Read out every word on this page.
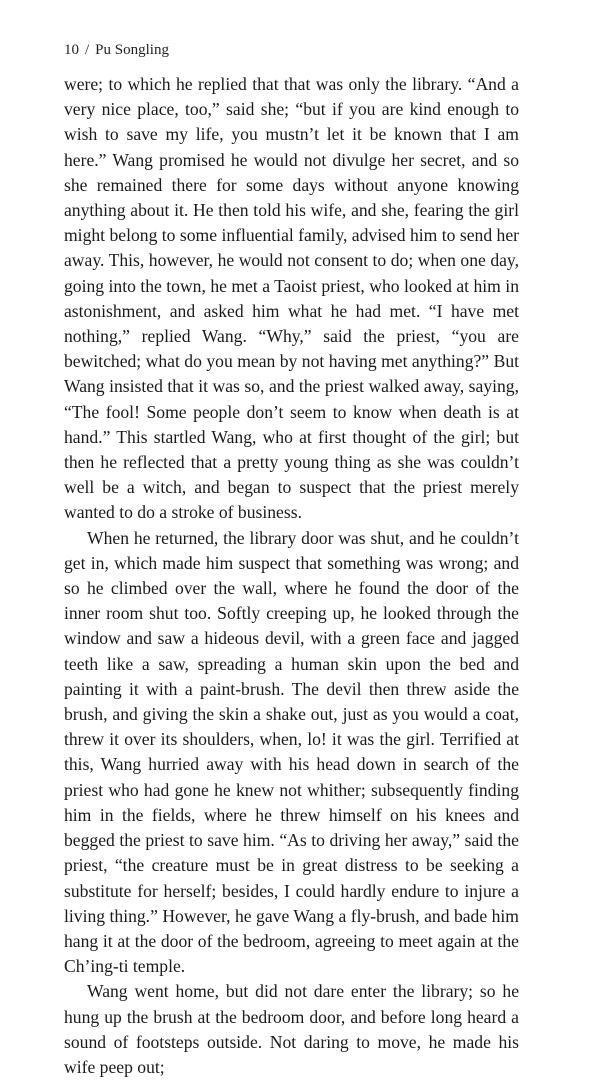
10 / Pu Songling

were; to which he replied that that was only the library. “And a very nice place, too,” said she; “but if you are kind enough to wish to save my life, you mustn’t let it be known that I am here.” Wang promised he would not divulge her secret, and so she remained there for some days without anyone knowing anything about it. He then told his wife, and she, fearing the girl might belong to some influential family, advised him to send her away. This, however, he would not consent to do; when one day, going into the town, he met a Taoist priest, who looked at him in astonishment, and asked him what he had met. “I have met nothing,” replied Wang. “Why,” said the priest, “you are bewitched; what do you mean by not having met anything?” But Wang insisted that it was so, and the priest walked away, saying, “The fool! Some people don’t seem to know when death is at hand.” This startled Wang, who at first thought of the girl; but then he reflected that a pretty young thing as she was couldn’t well be a witch, and began to suspect that the priest merely wanted to do a stroke of business.

When he returned, the library door was shut, and he couldn’t get in, which made him suspect that something was wrong; and so he climbed over the wall, where he found the door of the inner room shut too. Softly creeping up, he looked through the window and saw a hideous devil, with a green face and jagged teeth like a saw, spreading a human skin upon the bed and painting it with a paint-brush. The devil then threw aside the brush, and giving the skin a shake out, just as you would a coat, threw it over its shoulders, when, lo! it was the girl. Terrified at this, Wang hurried away with his head down in search of the priest who had gone he knew not whither; subsequently finding him in the fields, where he threw himself on his knees and begged the priest to save him. “As to driving her away,” said the priest, “the creature must be in great distress to be seeking a substitute for herself; besides, I could hardly endure to injure a living thing.” However, he gave Wang a fly-brush, and bade him hang it at the door of the bedroom, agreeing to meet again at the Ch’ing-ti temple.

Wang went home, but did not dare enter the library; so he hung up the brush at the bedroom door, and before long heard a sound of footsteps outside. Not daring to move, he made his wife peep out;
